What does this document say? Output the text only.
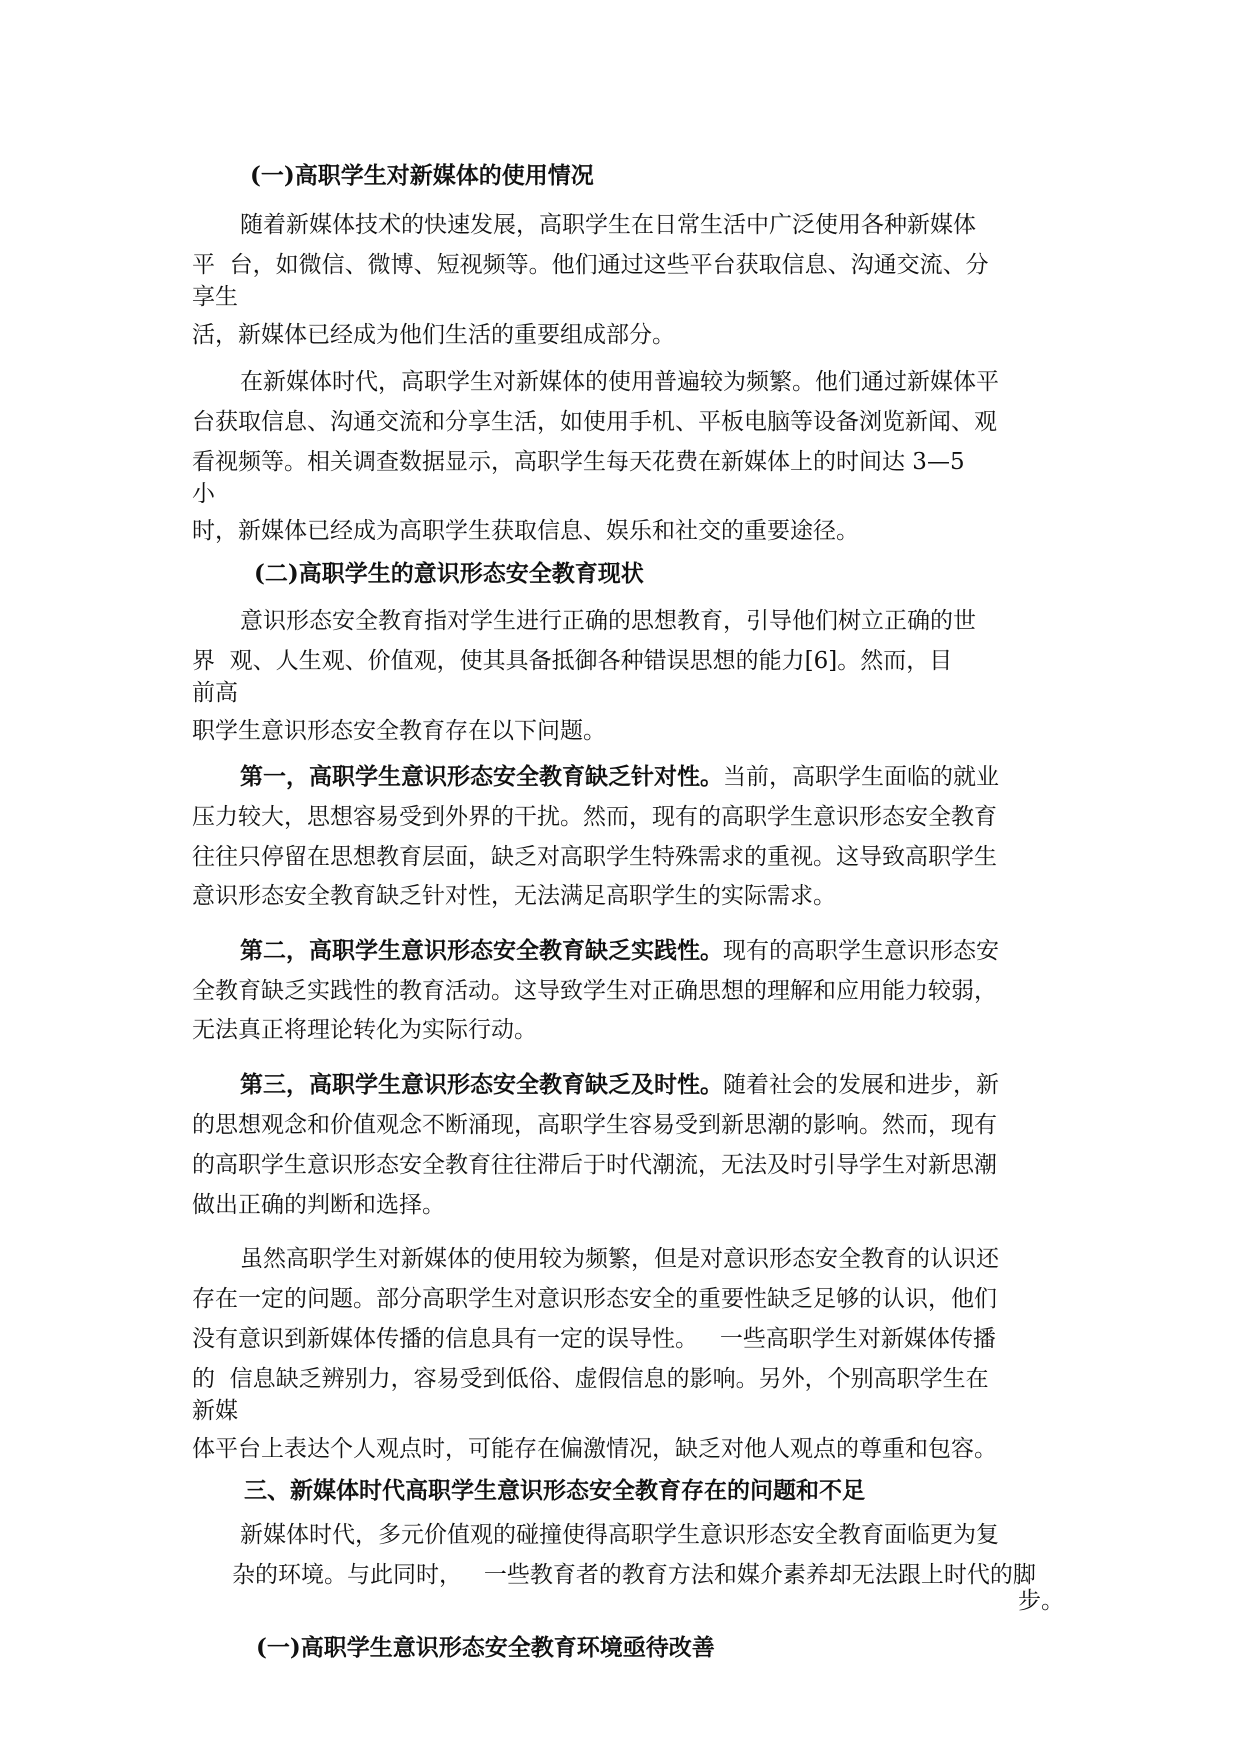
(一)高职学生对新媒体的使用情况

随着新媒体技术的快速发展，高职学生在日常生活中广泛使用各种新媒体

平  台，如微信、微博、短视频等。他们通过这些平台获取信息、沟通交流、分

享生

活，新媒体已经成为他们生活的重要组成部分。

在新媒体时代，高职学生对新媒体的使用普遍较为频繁。他们通过新媒体平

台获取信息、沟通交流和分享生活，如使用手机、平板电脑等设备浏览新闻、观

看视频等。相关调查数据显示，高职学生每天花费在新媒体上的时间达 3—5

小

时，新媒体已经成为高职学生获取信息、娱乐和社交的重要途径。

(二)高职学生的意识形态安全教育现状

意识形态安全教育指对学生进行正确的思想教育，引导他们树立正确的世

界  观、人生观、价值观，使其具备抵御各种错误思想的能力[6]。然而，目

前高

职学生意识形态安全教育存在以下问题。

第一，高职学生意识形态安全教育缺乏针对性。当前，高职学生面临的就业

压力较大，思想容易受到外界的干扰。然而，现有的高职学生意识形态安全教育

往往只停留在思想教育层面，缺乏对高职学生特殊需求的重视。这导致高职学生

意识形态安全教育缺乏针对性，无法满足高职学生的实际需求。

第二，高职学生意识形态安全教育缺乏实践性。现有的高职学生意识形态安

全教育缺乏实践性的教育活动。这导致学生对正确思想的理解和应用能力较弱，

无法真正将理论转化为实际行动。

第三，高职学生意识形态安全教育缺乏及时性。随着社会的发展和进步，新

的思想观念和价值观念不断涌现，高职学生容易受到新思潮的影响。然而，现有

的高职学生意识形态安全教育往往滞后于时代潮流，无法及时引导学生对新思潮

做出正确的判断和选择。

虽然高职学生对新媒体的使用较为频繁，但是对意识形态安全教育的认识还

存在一定的问题。部分高职学生对意识形态安全的重要性缺乏足够的认识，他们

没有意识到新媒体传播的信息具有一定的误导性。   一些高职学生对新媒体传播

的  信息缺乏辨别力，容易受到低俗、虚假信息的影响。另外，个别高职学生在

新媒

体平台上表达个人观点时，可能存在偏激情况，缺乏对他人观点的尊重和包容。

三、新媒体时代高职学生意识形态安全教育存在的问题和不足

新媒体时代，多元价值观的碰撞使得高职学生意识形态安全教育面临更为复

杂的环境。与此同时，   一些教育者的教育方法和媒介素养却无法跟上时代的脚

步。

(一)高职学生意识形态安全教育环境亟待改善
